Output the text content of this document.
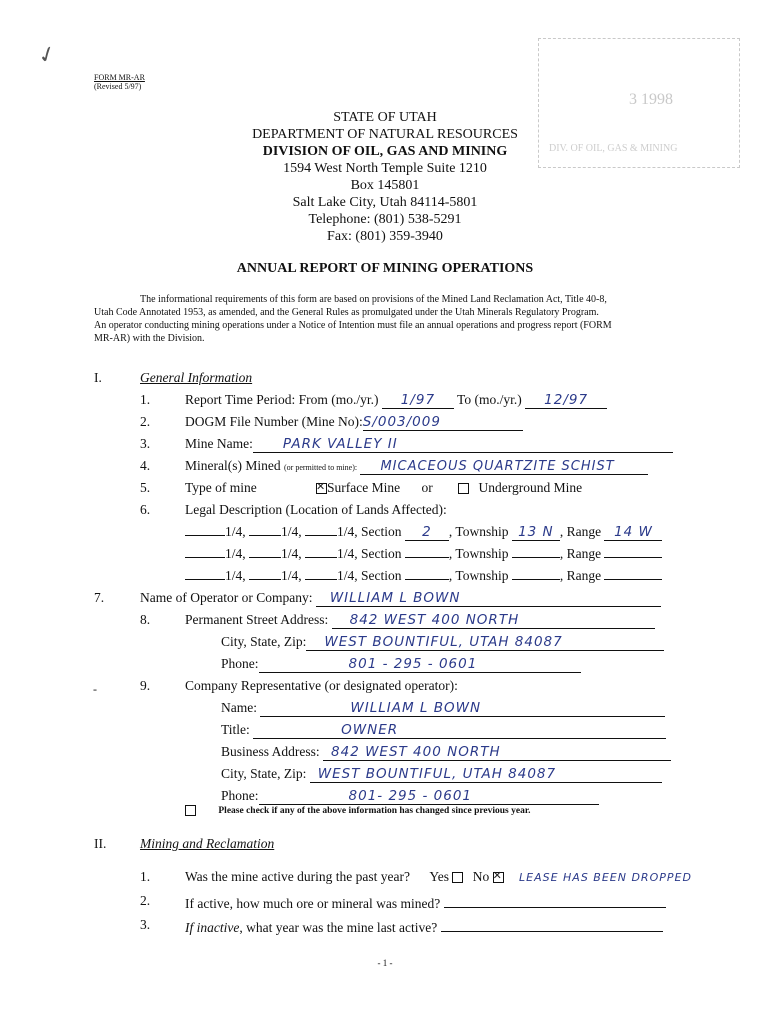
✓
FORM MR-AR
(Revised 5/97)
3 1998
DIV. OF OIL, GAS & MINING
STATE OF UTAH
DEPARTMENT OF NATURAL RESOURCES
DIVISION OF OIL, GAS AND MINING
1594 West North Temple Suite 1210
Box 145801
Salt Lake City, Utah 84114-5801
Telephone: (801) 538-5291
Fax: (801) 359-3940
ANNUAL REPORT OF MINING OPERATIONS
The informational requirements of this form are based on provisions of the Mined Land Reclamation Act, Title 40-8,
Utah Code Annotated 1953, as amended, and the General Rules as promulgated under the Utah Minerals Regulatory Program.
An operator conducting mining operations under a Notice of Intention must file an annual operations and progress report (FORM
MR-AR) with the Division.
I.	General Information
1.	Report Time Period: From (mo./yr.) 1/97 To (mo./yr.) 12/97
2.	DOGM File Number (Mine No):S/003/009
3.	Mine Name: PARK VALLEY II
4.	Mineral(s) Mined (or permitted to mine): MICACEOUS QUARTZITE SCHIST
5.	Type of mine ✕	Surface Mine or	Underground Mine
6.	Legal Description (Location of Lands Affected):
1/4,	1/4,	1/4, Section 2 , Township 13 N , Range 14 W
1/4,	1/4,	1/4, Section	, Township	, Range
1/4,	1/4,	1/4, Section	, Township	, Range
7.	Name of Operator or Company: WILLIAM L BOWN
8.	Permanent Street Address: 842 WEST 400 NORTH
City, State, Zip: WEST BOUNTIFUL, UTAH 84087
Phone:	801 - 295 - 0601
-	9.	Company Representative (or designated operator):
Name:	WILLIAM L BOWN
Title:	OWNER
Business Address: 842 WEST 400 NORTH
City, State, Zip: WEST BOUNTIFUL, UTAH 84087
Phone:	801- 295 - 0601
Please check if any of the above information has changed since previous year.
II. Mining and Reclamation
1.	Was the mine active during the past year? Yes No ✕	LEASE HAS BEEN DROPPED
2.	If active, how much ore or mineral was mined?
3.	If inactive, what year was the mine last active?
- 1 -
